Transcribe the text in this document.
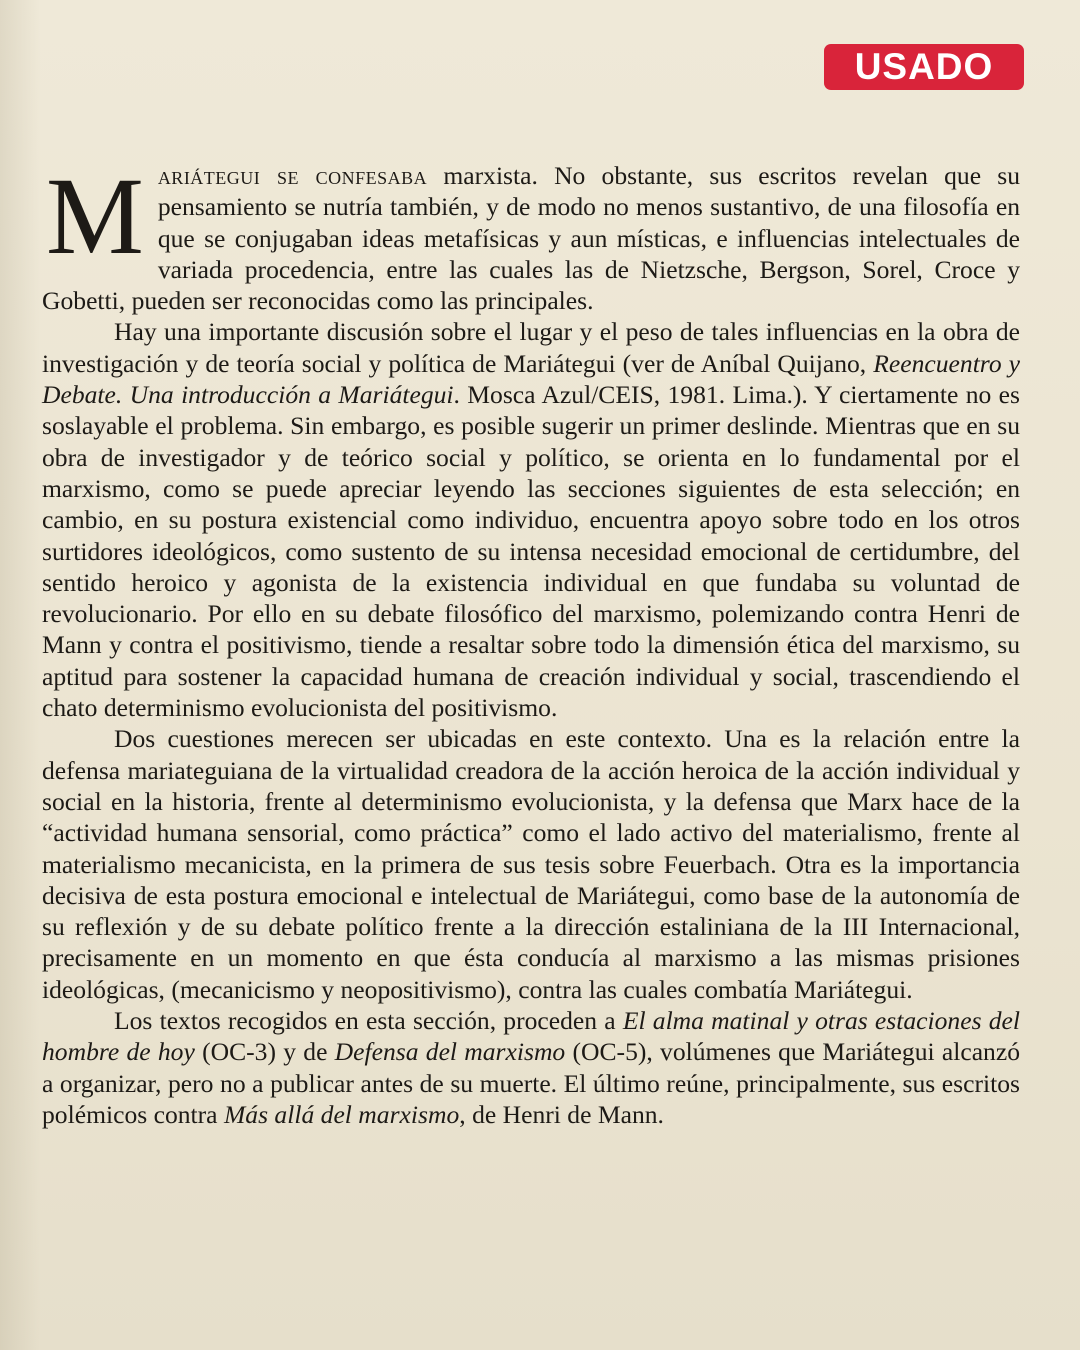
USADO

Mariátegui se confesaba marxista. No obstante, sus escritos revelan que su pensamiento se nutría también, y de modo no menos sustantivo, de una filosofía en que se conjugaban ideas metafísicas y aun místicas, e influencias intelectuales de variada procedencia, entre las cuales las de Nietzsche, Bergson, Sorel, Croce y Gobetti, pueden ser reconocidas como las principales.

Hay una importante discusión sobre el lugar y el peso de tales influencias en la obra de investigación y de teoría social y política de Mariátegui (ver de Aníbal Quijano, Reencuentro y Debate. Una introducción a Mariátegui. Mosca Azul/CEIS, 1981. Lima.). Y ciertamente no es soslayable el problema. Sin embargo, es posible sugerir un primer deslinde. Mientras que en su obra de investigador y de teórico social y político, se orienta en lo fundamental por el marxismo, como se puede apreciar leyendo las secciones siguientes de esta selección; en cambio, en su postura existencial como individuo, encuentra apoyo sobre todo en los otros surtidores ideológicos, como sustento de su intensa necesidad emocional de certidumbre, del sentido heroico y agonista de la existencia individual en que fundaba su voluntad de revolucionario. Por ello en su debate filosófico del marxismo, polemizando contra Henri de Mann y contra el positivismo, tiende a resaltar sobre todo la dimensión ética del marxismo, su aptitud para sostener la capacidad humana de creación individual y social, trascendiendo el chato determinismo evolucionista del positivismo.

Dos cuestiones merecen ser ubicadas en este contexto. Una es la relación entre la defensa mariateguiana de la virtualidad creadora de la acción heroica de la acción individual y social en la historia, frente al determinismo evolucionista, y la defensa que Marx hace de la “actividad humana sensorial, como práctica” como el lado activo del materialismo, frente al materialismo mecanicista, en la primera de sus tesis sobre Feuerbach. Otra es la importancia decisiva de esta postura emocional e intelectual de Mariátegui, como base de la autonomía de su reflexión y de su debate político frente a la dirección estaliniana de la III Internacional, precisamente en un momento en que ésta conducía al marxismo a las mismas prisiones ideológicas, (mecanicismo y neopositivismo), contra las cuales combatía Mariátegui.

Los textos recogidos en esta sección, proceden a El alma matinal y otras estaciones del hombre de hoy (OC-3) y de Defensa del marxismo (OC-5), volúmenes que Mariátegui alcanzó a organizar, pero no a publicar antes de su muerte. El último reúne, principalmente, sus escritos polémicos contra Más allá del marxismo, de Henri de Mann.
